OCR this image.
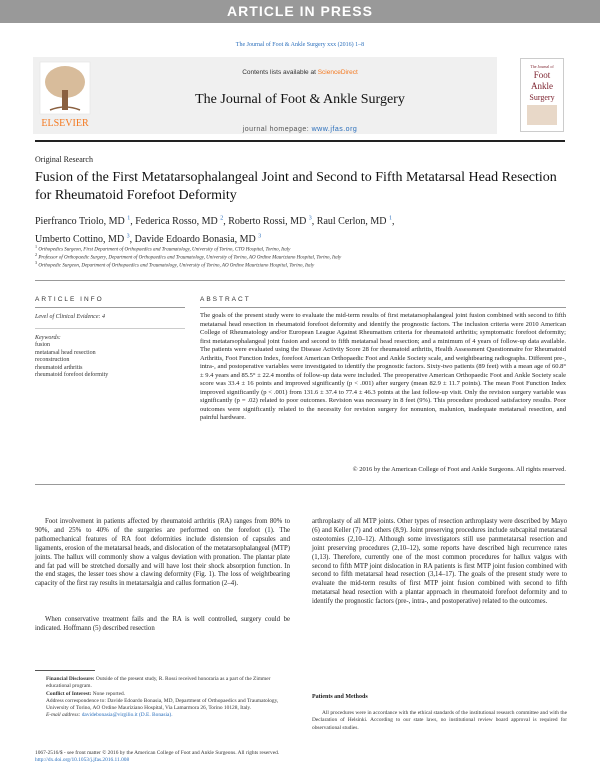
ARTICLE IN PRESS
The Journal of Foot & Ankle Surgery xxx (2016) 1–8
ELSEVIER
Contents lists available at ScienceDirect
The Journal of Foot & Ankle Surgery
journal homepage: www.jfas.org
The Journal of
Foot
Ankle
Surgery
Original Research
Fusion of the First Metatarsophalangeal Joint and Second to Fifth Metatarsal Head Resection for Rheumatoid Forefoot Deformity
Pierfranco Triolo, MD $^1$, Federica Rosso, MD $^2$, Roberto Rossi, MD $^3$, Raul Cerlon, MD $^1$,
Umberto Cottino, MD $^3$, Davide Edoardo Bonasia, MD $^3$
$^1$ Orthopedics Surgeon, First Department of Orthopaedics and Traumatology, University of Torino, CTO Hospital, Torino, Italy
$^2$ Professor of Orthopaedic Surgery, Department of Orthopaedics and Traumatology, University of Torino, AO Ordine Mauriziano Hospital, Torino, Italy
$^3$ Orthopedic Surgeon, Department of Orthopaedics and Traumatology, University of Torino, AO Ordine Mauriziano Hospital, Torino, Italy
ARTICLE INFO	ABSTRACT
Level of Clinical Evidence: 4
Keywords:
fusion
metatarsal head resection
reconstruction
rheumatoid arthritis
rheumatoid forefoot deformity

The goals of the present study were to evaluate the mid-term results of first metatarsophalangeal joint fusion combined with second to fifth metatarsal head resection in rheumatoid forefoot deformity and identify the prognostic factors. The inclusion criteria were 2010 American College of Rheumatology and/or European League Against Rheumatism criteria for rheumatoid arthritis; symptomatic forefoot deformity; first metatarsophalangeal joint fusion and second to fifth metatarsal head resection; and a minimum of 4 years of follow-up data available. The patients were evaluated using the Disease Activity Score 28 for rheumatoid arthritis, Health Assessment Questionnaire for Rheumatoid Arthritis, Foot Function Index, forefoot American Orthopaedic Foot and Ankle Society scale, and weightbearing radiographs. Different pre-, intra-, and postoperative variables were investigated to identify the prognostic factors. Sixty-two patients (89 feet) with a mean age of 60.8° ± 9.4 years and 85.5° ± 22.4 months of follow-up data were included. The preoperative American Orthopaedic Foot and Ankle Society scale score was 33.4 ± 16 points and improved significantly (p < .001) after surgery (mean 82.9 ± 11.7 points). The mean Foot Function Index improved significantly (p < .001) from 131.6 ± 37.4 to 77.4 ± 46.3 points at the last follow-up visit. Only the revision surgery variable was significantly (p = .02) related to poor outcomes. Revision was necessary in 8 feet (9%). This procedure produced satisfactory results. Poor outcomes were significantly related to the necessity for revision surgery for nonunion, malunion, inadequate metatarsal resection, and painful hardware.

© 2016 by the American College of Foot and Ankle Surgeons. All rights reserved.

Foot involvement in patients affected by rheumatoid arthritis (RA) ranges from 80% to 90%, and 25% to 40% of the surgeries are performed on the forefoot (1). The pathomechanical features of RA foot deformities include distension of capsules and ligaments, erosion of the metatarsal heads, and dislocation of the metatarsophalangeal (MTP) joints. The hallux will commonly show a valgus deviation with pronation. The plantar plate and fat pad will be stretched dorsally and will have lost their shock absorption function. In the end stages, the lesser toes show a clawing deformity (Fig. 1). The loss of weightbearing capacity of the first ray results in metatarsalgia and callus formation (2–4).

When conservative treatment fails and the RA is well controlled, surgery could be indicated. Hoffmann (5) described resection

arthroplasty of all MTP joints. Other types of resection arthroplasty were described by Mayo (6) and Keller (7) and others (8,9). Joint preserving procedures include subcapital metatarsal osteotomies (2,10–12). Although some investigators still use panmetatarsal resection and joint preserving procedures (2,10–12), some reports have described high recurrence rates (1,13). Therefore, currently one of the most common procedures for hallux valgus with second to fifth MTP joint dislocation in RA patients is first MTP joint fusion combined with second to fifth metatarsal head resection (3,14–17). The goals of the present study were to evaluate the mid-term results of first MTP joint fusion combined with second to fifth metatarsal head resection with a plantar approach in rheumatoid forefoot deformity and to identify the prognostic factors (pre-, intra-, and postoperative) related to the outcomes.

Financial Disclosure: Outside of the present study, R. Rossi received honoraria as a part of the Zimmer educational program.
Conflict of Interest: None reported.
Address correspondence to: Davide Edoardo Bonasia, MD, Department of Orthopaedics and Traumatology, University of Torino, AO Ordine Mauriziano Hospital, Via Lamarmora 26, Torino 10128, Italy.
E-mail address: davidebonasia@virgilio.it (D.E. Bonasia).
Patients and Methods

All procedures were in accordance with the ethical standards of the institutional research committee and with the Declaration of Helsinki. According to our state laws, no institutional review board approval is required for observational studies.

1067-2516/$ - see front matter © 2016 by the American College of Foot and Ankle Surgeons. All rights reserved.
http://dx.doi.org/10.1053/j.jfas.2016.11.008
